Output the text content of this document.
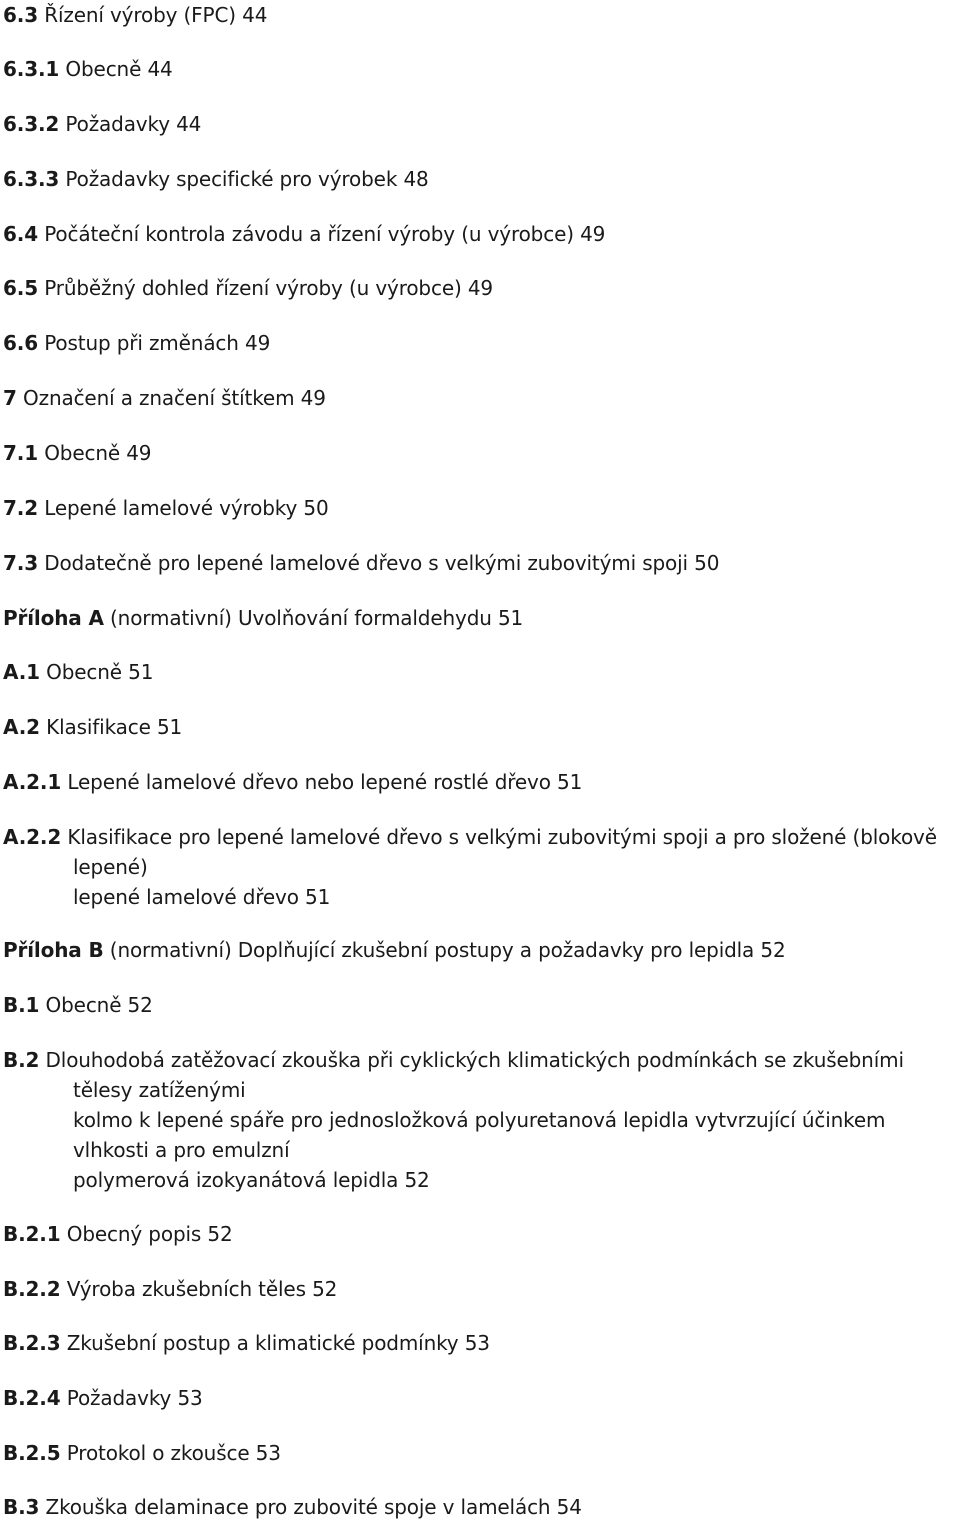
6.3 Řízení výroby (FPC) 44
6.3.1 Obecně 44
6.3.2 Požadavky 44
6.3.3 Požadavky specifické pro výrobek 48
6.4 Počáteční kontrola závodu a řízení výroby (u výrobce) 49
6.5 Průběžný dohled řízení výroby (u výrobce) 49
6.6 Postup při změnách 49
7 Označení a značení štítkem 49
7.1 Obecně 49
7.2 Lepené lamelové výrobky 50
7.3 Dodatečně pro lepené lamelové dřevo s velkými zubovitými spoji 50
Příloha A (normativní) Uvolňování formaldehydu 51
A.1 Obecně 51
A.2 Klasifikace 51
A.2.1 Lepené lamelové dřevo nebo lepené rostlé dřevo 51
A.2.2 Klasifikace pro lepené lamelové dřevo s velkými zubovitými spoji a pro složené (blokově
lepené)
lepené lamelové dřevo 51
Příloha B (normativní) Doplňující zkušební postupy a požadavky pro lepidla 52
B.1 Obecně 52
B.2 Dlouhodobá zatěžovací zkouška při cyklických klimatických podmínkách se zkušebními
tělesy zatíženými
kolmo k lepené spáře pro jednosložková polyuretanová lepidla vytvrzující účinkem
vlhkosti a pro emulzní
polymerová izokyanátová lepidla 52
B.2.1 Obecný popis 52
B.2.2 Výroba zkušebních těles 52
B.2.3 Zkušební postup a klimatické podmínky 53
B.2.4 Požadavky 53
B.2.5 Protokol o zkoušce 53
B.3 Zkouška delaminace pro zubovité spoje v lamelách 54
